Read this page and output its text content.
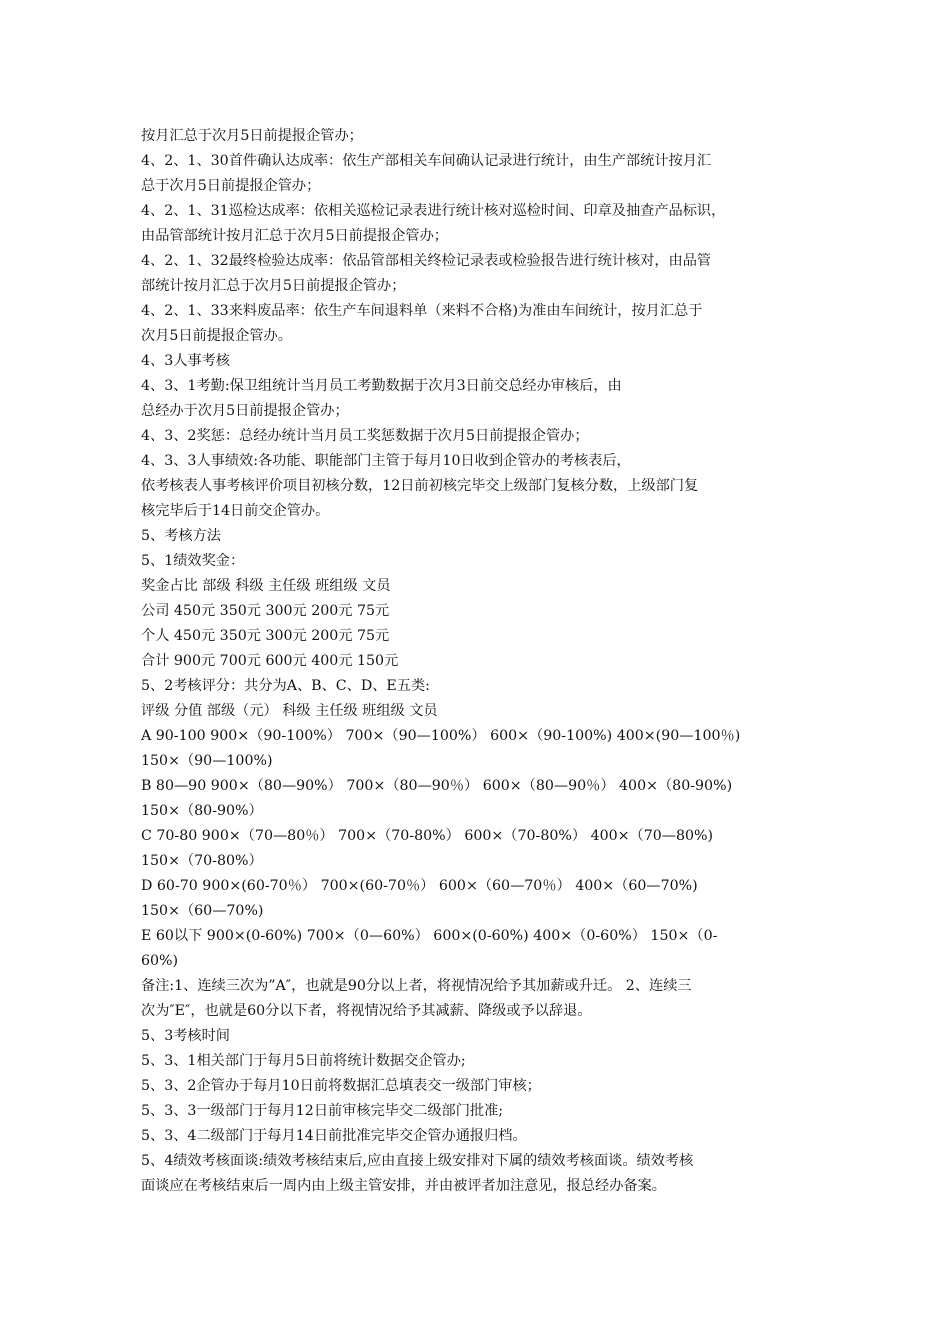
按月汇总于次月5日前提报企管办；
4、2、1、30首件确认达成率：依生产部相关车间确认记录进行统计，由生产部统计按月汇
总于次月5日前提报企管办；
4、2、1、31巡检达成率：依相关巡检记录表进行统计核对巡检时间、印章及抽查产品标识，
由品管部统计按月汇总于次月5日前提报企管办；
4、2、1、32最终检验达成率：依品管部相关终检记录表或检验报告进行统计核对，由品管
部统计按月汇总于次月5日前提报企管办；
4、2、1、33来料废品率：依生产车间退料单（来料不合格)为准由车间统计，按月汇总于
次月5日前提报企管办。
4、3人事考核
4、3、1考勤:保卫组统计当月员工考勤数据于次月3日前交总经办审核后，由
总经办于次月5日前提报企管办；
4、3、2奖惩：总经办统计当月员工奖惩数据于次月5日前提报企管办；
4、3、3人事绩效:各功能、职能部门主管于每月10日收到企管办的考核表后，
依考核表人事考核评价项目初核分数，12日前初核完毕交上级部门复核分数，上级部门复
核完毕后于14日前交企管办。
5、考核方法
5、1绩效奖金：
奖金占比 部级 科级 主任级 班组级 文员
公司 450元 350元 300元 200元 75元
个人 450元 350元 300元 200元 75元
合计 900元 700元 600元 400元 150元
5、2考核评分：共分为A、B、C、D、E五类:
评级 分值 部级（元） 科级 主任级 班组级 文员
A 90-100 900×（90-100%） 700×（90—100%） 600×（90-100%) 400×(90—100％)
150×（90—100%)
B 80—90 900×（80—90%） 700×（80—90％） 600×（80—90％） 400×（80-90%)
150×（80-90%）
C 70-80 900×（70—80％） 700×（70-80%） 600×（70-80%） 400×（70—80%)
150×（70-80%）
D 60-70 900×(60-70％） 700×(60-70％） 600×（60—70％） 400×（60—70%)
150×（60—70%)
E 60以下 900×(0-60%) 700×（0—60%） 600×(0-60%) 400×（0-60%） 150×（0-
60%)
备注:1、连续三次为”A″，也就是90分以上者，将视情况给予其加薪或升迁。 2、连续三
次为″E″，也就是60分以下者，将视情况给予其减薪、降级或予以辞退。
5、3考核时间
5、3、1相关部门于每月5日前将统计数据交企管办;
5、3、2企管办于每月10日前将数据汇总填表交一级部门审核；
5、3、3一级部门于每月12日前审核完毕交二级部门批准;
5、3、4二级部门于每月14日前批准完毕交企管办通报归档。
5、4绩效考核面谈:绩效考核结束后,应由直接上级安排对下属的绩效考核面谈。绩效考核
面谈应在考核结束后一周内由上级主管安排，并由被评者加注意见，报总经办备案。
